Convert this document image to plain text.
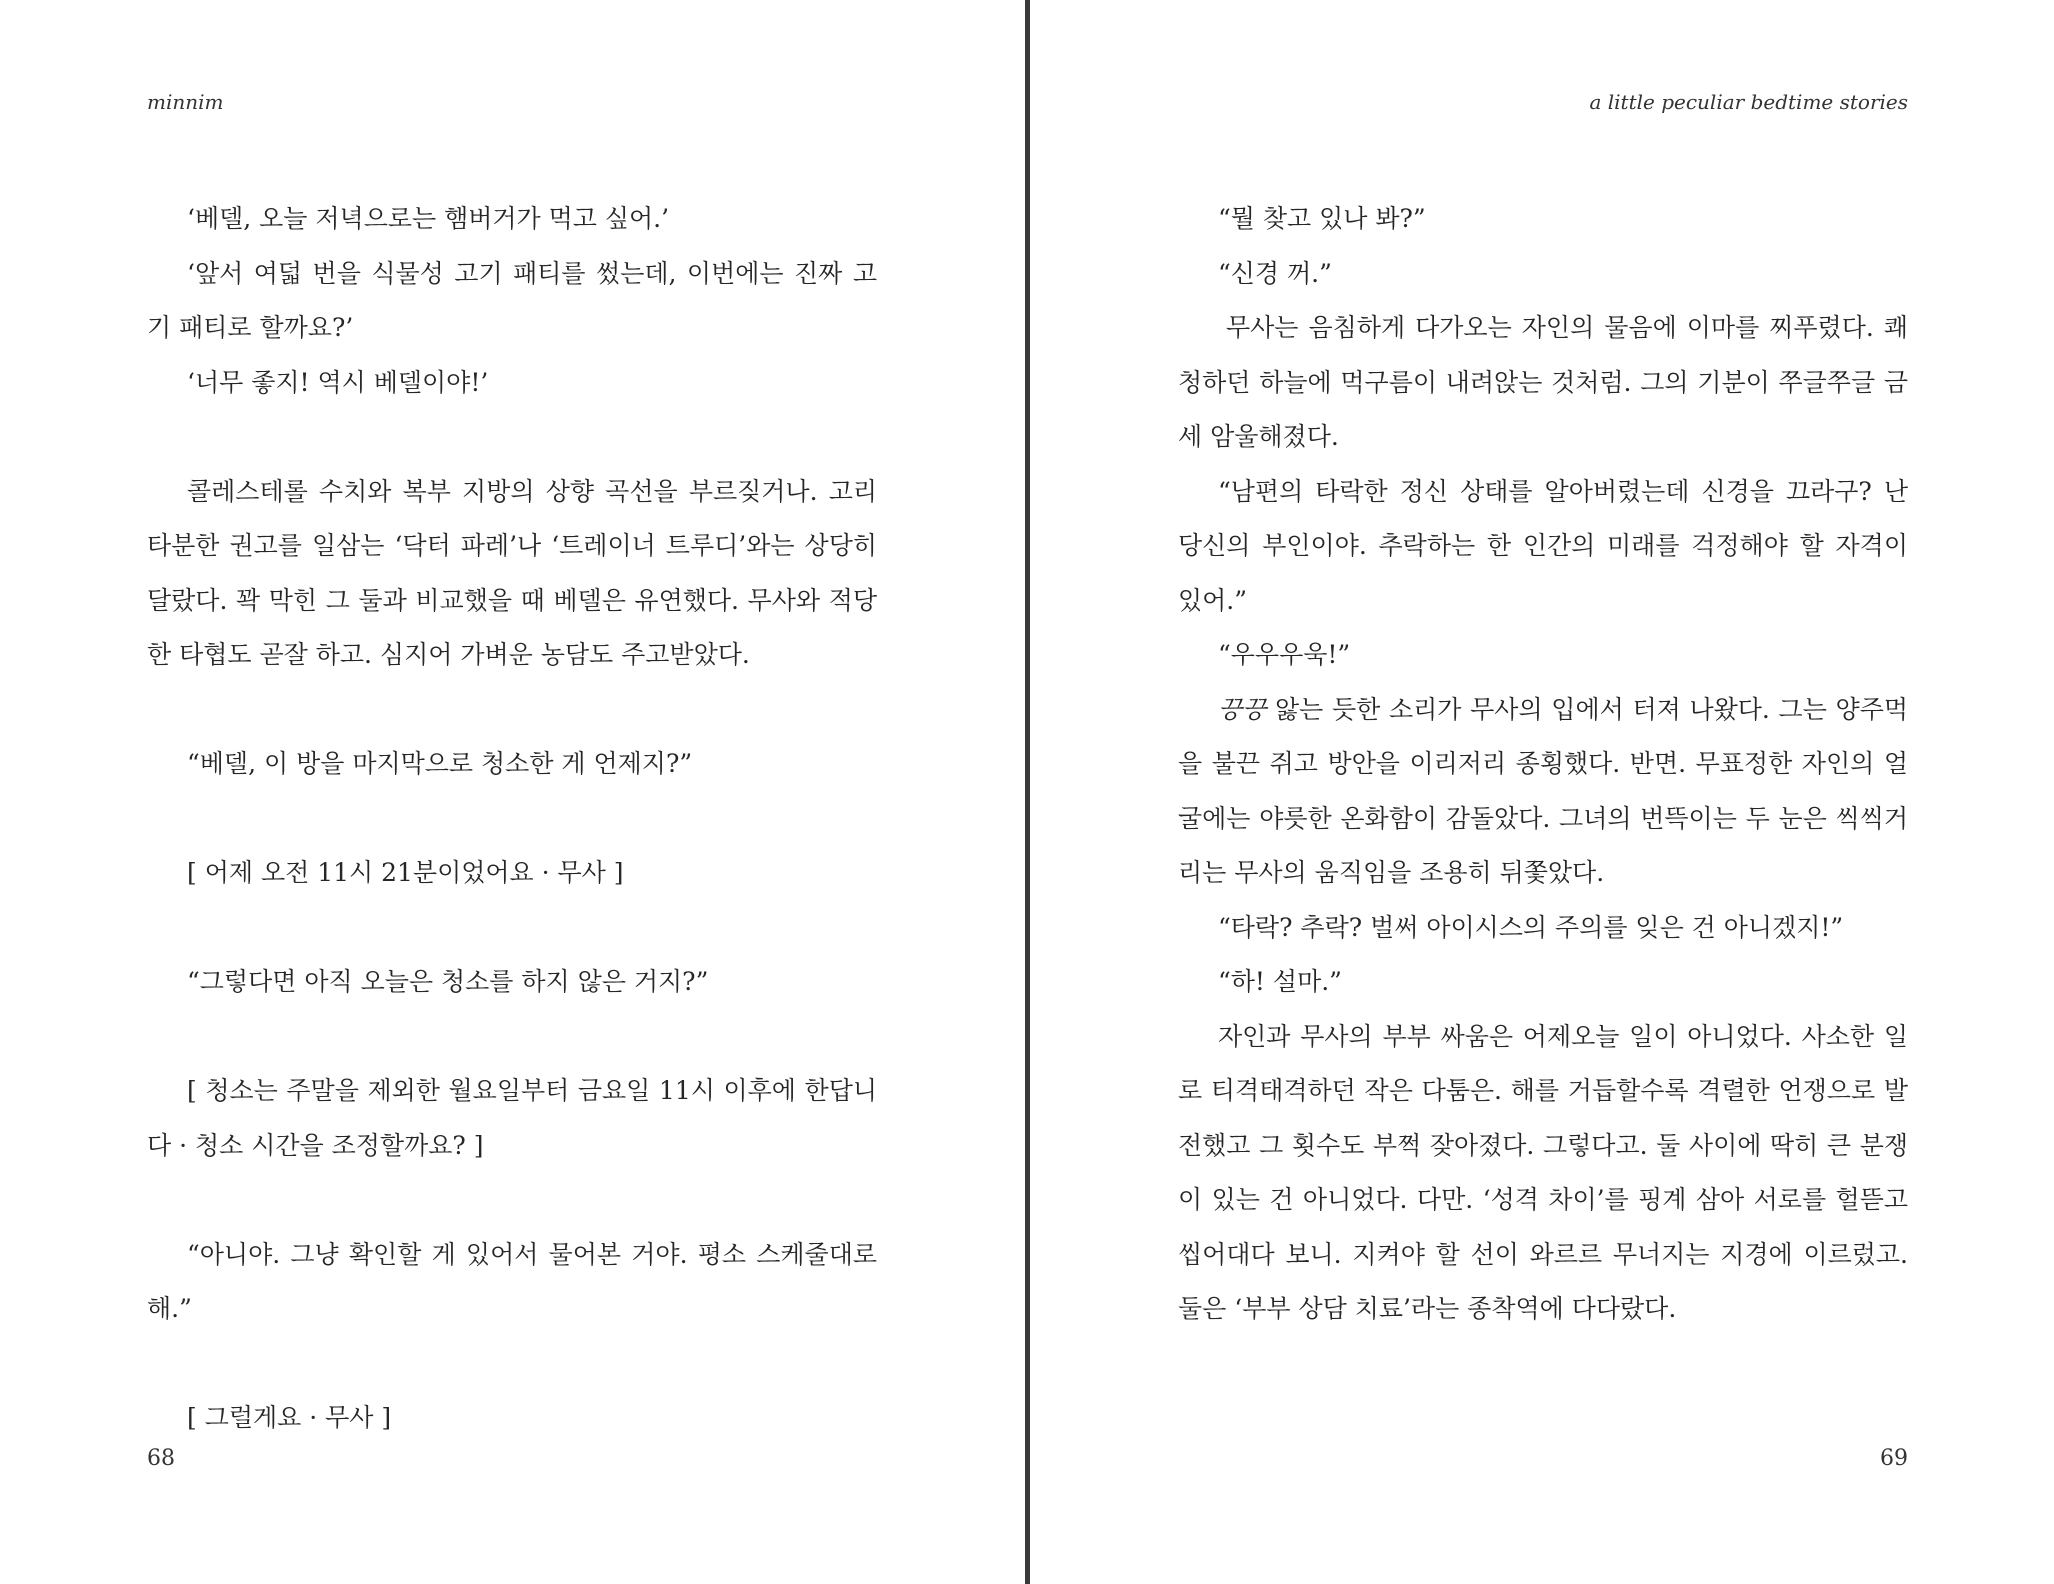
minnim

‘베델, 오늘 저녁으로는 햄버거가 먹고 싶어.’

‘앞서 여덟 번을 식물성 고기 패티를 썼는데, 이번에는 진짜 고기 패티로 할까요?’

‘너무 좋지! 역시 베델이야!’

콜레스테롤 수치와 복부 지방의 상향 곡선을 부르짖거나. 고리타분한 권고를 일삼는 ‘닥터 파레’나 ‘트레이너 트루디’와는 상당히 달랐다. 꽉 막힌 그 둘과 비교했을 때 베델은 유연했다. 무사와 적당한 타협도 곧잘 하고. 심지어 가벼운 농담도 주고받았다.

“베델, 이 방을 마지막으로 청소한 게 언제지?”

[ 어제 오전 11시 21분이었어요 · 무사 ]

“그렇다면 아직 오늘은 청소를 하지 않은 거지?”

[ 청소는 주말을 제외한 월요일부터 금요일 11시 이후에 한답니다 · 청소 시간을 조정할까요? ]

“아니야. 그냥 확인할 게 있어서 물어본 거야. 평소 스케줄대로 해.”

[ 그럴게요 · 무사 ]

68
a little peculiar bedtime stories

“뭘 찾고 있나 봐?”

“신경 꺼.”

무사는 음침하게 다가오는 자인의 물음에 이마를 찌푸렸다. 쾌청하던 하늘에 먹구름이 내려앉는 것처럼. 그의 기분이 쭈글쭈글 금세 암울해졌다.

“남편의 타락한 정신 상태를 알아버렸는데 신경을 끄라구? 난 당신의 부인이야. 추락하는 한 인간의 미래를 걱정해야 할 자격이 있어.”

“우우우욱!”

끙끙 앓는 듯한 소리가 무사의 입에서 터져 나왔다. 그는 양주먹을 불끈 쥐고 방안을 이리저리 종횡했다. 반면. 무표정한 자인의 얼굴에는 야릇한 온화함이 감돌았다. 그녀의 번뜩이는 두 눈은 씩씩거리는 무사의 움직임을 조용히 뒤쫓았다.

“타락? 추락? 벌써 아이시스의 주의를 잊은 건 아니겠지!”

“하! 설마.”

자인과 무사의 부부 싸움은 어제오늘 일이 아니었다. 사소한 일로 티격태격하던 작은 다툼은. 해를 거듭할수록 격렬한 언쟁으로 발전했고 그 횟수도 부쩍 잦아졌다. 그렇다고. 둘 사이에 딱히 큰 분쟁이 있는 건 아니었다. 다만. ‘성격 차이’를 핑계 삼아 서로를 헐뜯고 씹어대다 보니. 지켜야 할 선이 와르르 무너지는 지경에 이르렀고. 둘은 ‘부부 상담 치료’라는 종착역에 다다랐다.

69
